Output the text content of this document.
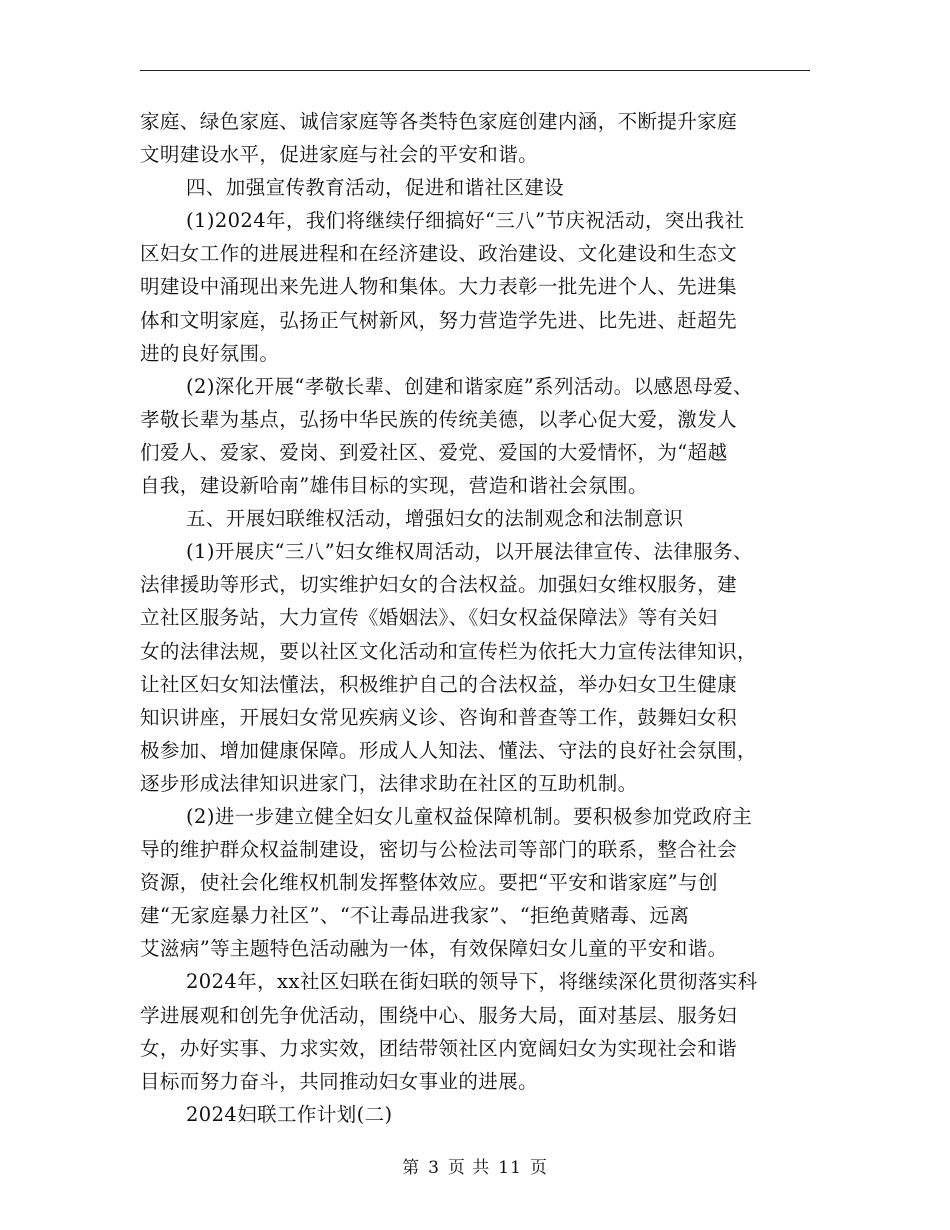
家庭、绿色家庭、诚信家庭等各类特色家庭创建内涵，不断提升家庭
文明建设水平，促进家庭与社会的平安和谐。
四、加强宣传教育活动，促进和谐社区建设
(1)2024年，我们将继续仔细搞好“三八”节庆祝活动，突出我社
区妇女工作的进展进程和在经济建设、政治建设、文化建设和生态文
明建设中涌现出来先进人物和集体。大力表彰一批先进个人、先进集
体和文明家庭，弘扬正气树新风，努力营造学先进、比先进、赶超先
进的良好氛围。
(2)深化开展“孝敬长辈、创建和谐家庭”系列活动。以感恩母爱、
孝敬长辈为基点，弘扬中华民族的传统美德，以孝心促大爱，激发人
们爱人、爱家、爱岗、到爱社区、爱党、爱国的大爱情怀，为“超越
自我，建设新哈南”雄伟目标的实现，营造和谐社会氛围。
五、开展妇联维权活动，增强妇女的法制观念和法制意识
(1)开展庆“三八”妇女维权周活动，以开展法律宣传、法律服务、
法律援助等形式，切实维护妇女的合法权益。加强妇女维权服务，建
立社区服务站，大力宣传《婚姻法》、《妇女权益保障法》等有关妇
女的法律法规，要以社区文化活动和宣传栏为依托大力宣传法律知识，
让社区妇女知法懂法，积极维护自己的合法权益，举办妇女卫生健康
知识讲座，开展妇女常见疾病义诊、咨询和普查等工作，鼓舞妇女积
极参加、增加健康保障。形成人人知法、懂法、守法的良好社会氛围，
逐步形成法律知识进家门，法律求助在社区的互助机制。
(2)进一步建立健全妇女儿童权益保障机制。要积极参加党政府主
导的维护群众权益制建设，密切与公检法司等部门的联系，整合社会
资源，使社会化维权机制发挥整体效应。要把“平安和谐家庭”与创
建“无家庭暴力社区”、“不让毒品进我家”、“拒绝黄赌毒、远离
艾滋病”等主题特色活动融为一体，有效保障妇女儿童的平安和谐。
2024年，xx社区妇联在街妇联的领导下，将继续深化贯彻落实科
学进展观和创先争优活动，围绕中心、服务大局，面对基层、服务妇
女，办好实事、力求实效，团结带领社区内宽阔妇女为实现社会和谐
目标而努力奋斗，共同推动妇女事业的进展。
2024妇联工作计划(二)
第 3 页 共 11 页
